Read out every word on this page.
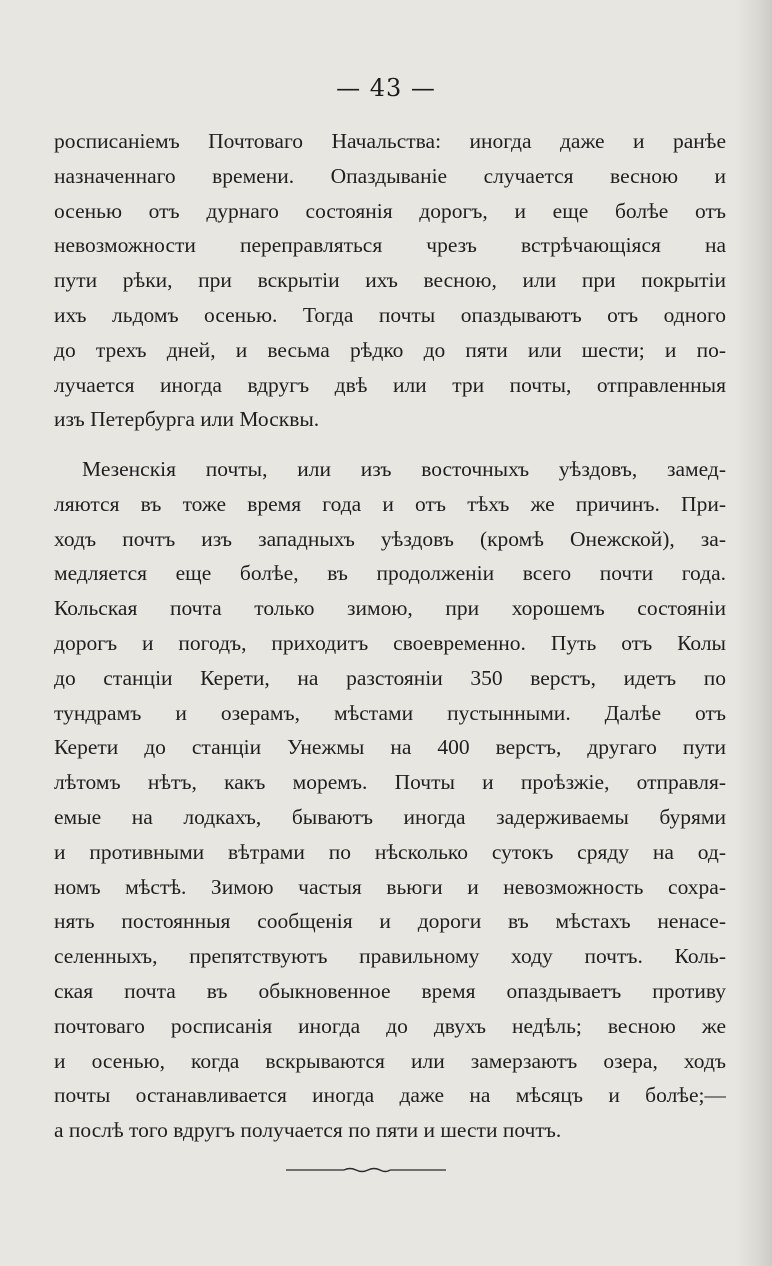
— 43 —
росписаніемъ Почтоваго Начальства: иногда даже и ранѣе
назначеннаго времени. Опаздываніе случается весною и
осенью отъ дурнаго состоянія дорогъ, и еще болѣе отъ
невозможности переправляться чрезъ встрѣчающіяся на
пути рѣки, при вскрытіи ихъ весною, или при покрытіи
ихъ льдомъ осенью. Тогда почты опаздываютъ отъ одного
до трехъ дней, и весьма рѣдко до пяти или шести; и по-
лучается иногда вдругъ двѣ или три почты, отправленныя
изъ Петербурга или Москвы.
Мезенскія почты, или изъ восточныхъ уѣздовъ, замед-
ляются въ тоже время года и отъ тѣхъ же причинъ. При-
ходъ почтъ изъ западныхъ уѣздовъ (кромѣ Онежской), за-
медляется еще болѣе, въ продолженіи всего почти года.
Кольская почта только зимою, при хорошемъ состояніи
дорогъ и погодъ, приходитъ своевременно. Путь отъ Колы
до станціи Керети, на разстояніи 350 верстъ, идетъ по
тундрамъ и озерамъ, мѣстами пустынными. Далѣе отъ
Керети до станціи Унежмы на 400 верстъ, другаго пути
лѣтомъ нѣтъ, какъ моремъ. Почты и проѣзжіе, отправля-
емые на лодкахъ, бываютъ иногда задерживаемы бурями
и противными вѣтрами по нѣсколько сутокъ сряду на од-
номъ мѣстѣ. Зимою частыя вьюги и невозможность сохра-
нять постоянныя сообщенія и дороги въ мѣстахъ ненасе-
селенныхъ, препятствуютъ правильному ходу почтъ. Коль-
ская почта въ обыкновенное время опаздываетъ противу
почтоваго росписанія иногда до двухъ недѣль; весною же
и осенью, когда вскрываются или замерзаютъ озера, ходъ
почты останавливается иногда даже на мѣсяцъ и болѣе;—
а послѣ того вдругъ получается по пяти и шести почтъ.
